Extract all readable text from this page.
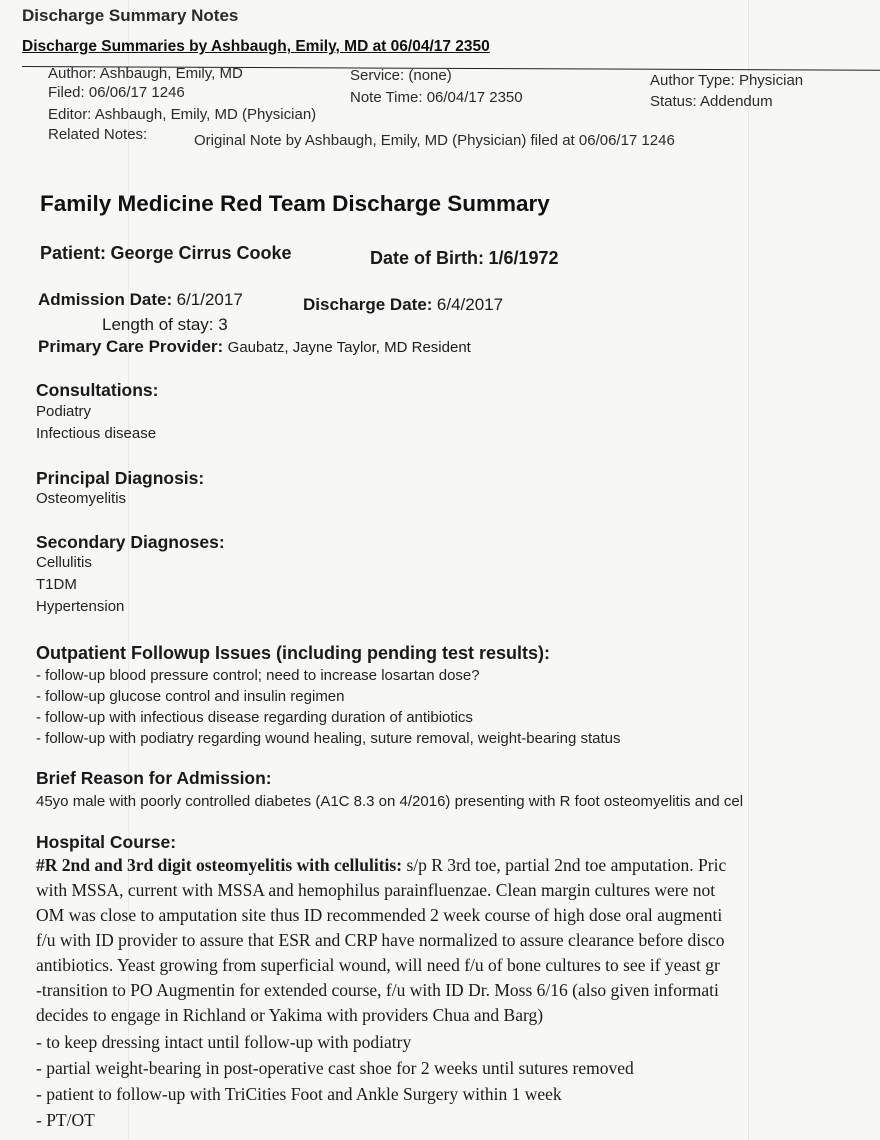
Discharge Summary Notes
Discharge Summaries by Ashbaugh, Emily, MD at 06/04/17 2350
Author: Ashbaugh, Emily, MD
Filed: 06/06/17 1246
Editor: Ashbaugh, Emily, MD (Physician)
Related Notes:	Original Note by Ashbaugh, Emily, MD (Physician) filed at 06/06/17 1246
Service: (none)
Note Time: 06/04/17 2350
Author Type: Physician
Status: Addendum
Family Medicine Red Team Discharge Summary
Patient: George Cirrus Cooke	Date of Birth: 1/6/1972
Admission Date: 6/1/2017	Discharge Date: 6/4/2017
Length of stay: 3
Primary Care Provider: Gaubatz, Jayne Taylor, MD Resident
Consultations:
Podiatry
Infectious disease
Principal Diagnosis:
Osteomyelitis
Secondary Diagnoses:
Cellulitis
T1DM
Hypertension
Outpatient Followup Issues (including pending test results):
- follow-up blood pressure control; need to increase losartan dose?
- follow-up glucose control and insulin regimen
- follow-up with infectious disease regarding duration of antibiotics
- follow-up with podiatry regarding wound healing, suture removal, weight-bearing status
Brief Reason for Admission:
45yo male with poorly controlled diabetes (A1C 8.3 on 4/2016) presenting with R foot osteomyelitis and cel
Hospital Course:
#R 2nd and 3rd digit osteomyelitis with cellulitis: s/p R 3rd toe, partial 2nd toe amputation. Pric
with MSSA, current with MSSA and hemophilus parainfluenzae. Clean margin cultures were not
OM was close to amputation site thus ID recommended 2 week course of high dose oral augmenti
f/u with ID provider to assure that ESR and CRP have normalized to assure clearance before disco
antibiotics. Yeast growing from superficial wound, will need f/u of bone cultures to see if yeast gr
-transition to PO Augmentin for extended course, f/u with ID Dr. Moss 6/16 (also given informati
decides to engage in Richland or Yakima with providers Chua and Barg)
- to keep dressing intact until follow-up with podiatry
- partial weight-bearing in post-operative cast shoe for 2 weeks until sutures removed
- patient to follow-up with TriCities Foot and Ankle Surgery within 1 week
- PT/OT
